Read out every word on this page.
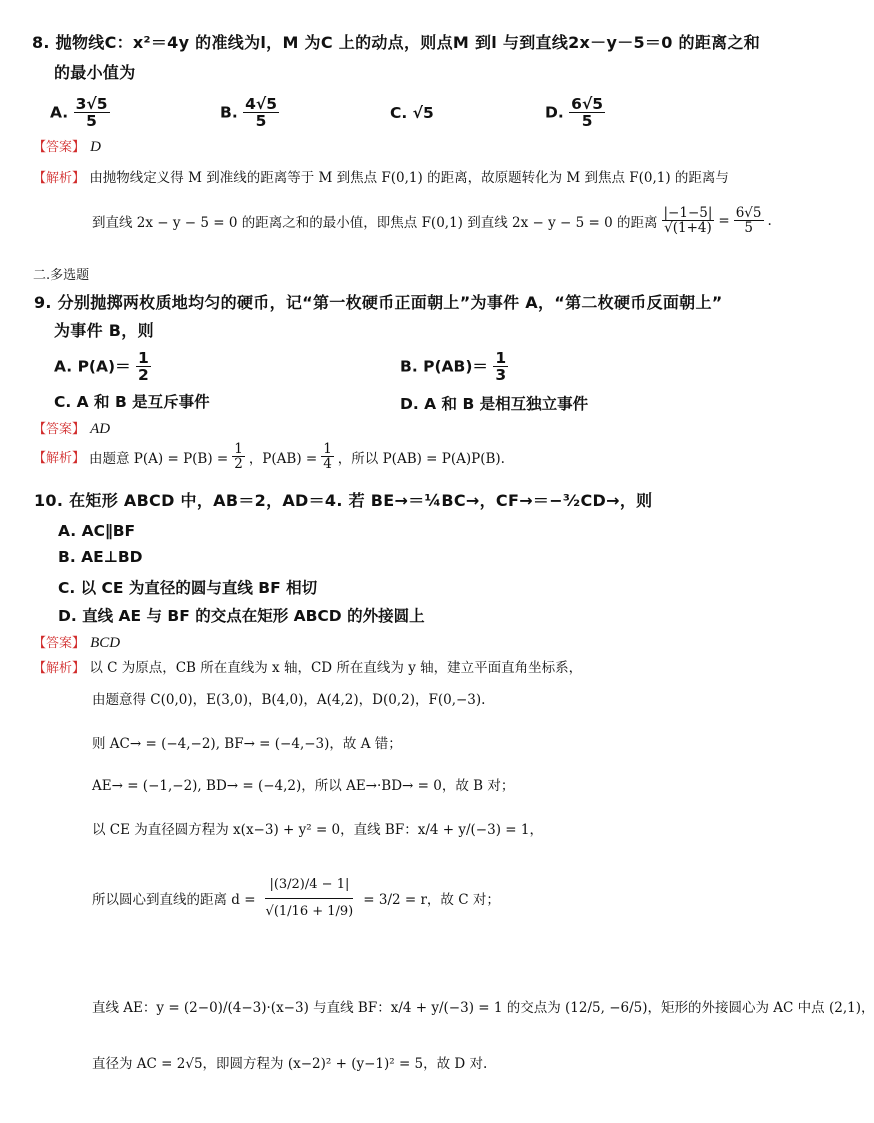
8. 抛物线C：x²＝4y 的准线为l，M 为C 上的动点，则点M 到l 与到直线2x－y－5＝0 的距离之和
的最小值为
A. $\frac{3√5}{5}$	B. $\frac{4√5}{5}$	C. √5	D. $\frac{6√5}{5}$
【答案】 D
【解析】 由抛物线定义得 M 到准线的距离等于 M 到焦点 F(0,1) 的距离，故原题转化为 M 到焦点 F(0,1) 的距离与
到直线 2x − y − 5 = 0 的距离之和的最小值，即焦点 F(0,1) 到直线 2x − y − 5 = 0 的距离 $\frac{|-1-5|}{√(1+4)} = \frac{6√5}{5}$ .
二.多选题
9. 分别抛掷两枚质地均匀的硬币，记“第一枚硬币正面朝上”为事件 A，“第二枚硬币反面朝上”
为事件 B，则
A. $P(A)= \frac{1}{2}$	B. $P(AB)= \frac{1}{3}$
C. A 和 B 是互斥事件	D. A 和 B 是相互独立事件
【答案】 AD
【解析】 由题意 $P(A) = P(B) = \frac{1}{2}$ ，$P(AB) = \frac{1}{4}$ ，所以 P(AB) = P(A)P(B).
10. 在矩形 ABCD 中，AB＝2，AD＝4. 若 BE→＝¼BC→，CF→＝−³⁄₂CD→，则
A. AC∥BF
B. AE⊥BD
C. 以 CE 为直径的圆与直线 BF 相切
D. 直线 AE 与 BF 的交点在矩形 ABCD 的外接圆上
【答案】 BCD
【解析】 以 C 为原点，CB 所在直线为 x 轴，CD 所在直线为 y 轴，建立平面直角坐标系，
由题意得 C(0,0)，E(3,0)，B(4,0)，A(4,2)，D(0,2)，F(0,−3).
则 AC→ = (−4,−2), BF→ = (−4,−3)，故 A 错；
AE→ = (−1,−2), BD→ = (−4,2)，所以 AE→·BD→ = 0，故 B 对；
以 CE 为直径圆方程为 x(x−3) + y² = 0，直线 BF：x/4 + y/(−3) = 1，
所以圆心到直线的距离 $d = \frac{|(3/2)/4 - 1|}{√(1/16 + 1/9)} = 3/2 = r$，故 C 对；
直线 AE：y = (2−0)/(4−3)·(x−3) 与直线 BF：x/4 + y/(−3) = 1 的交点为 (12/5, −6/5)，矩形的外接圆心为 AC 中点 (2,1)，
直径为 AC = 2√5，即圆方程为 (x−2)² + (y−1)² = 5，故 D 对.
